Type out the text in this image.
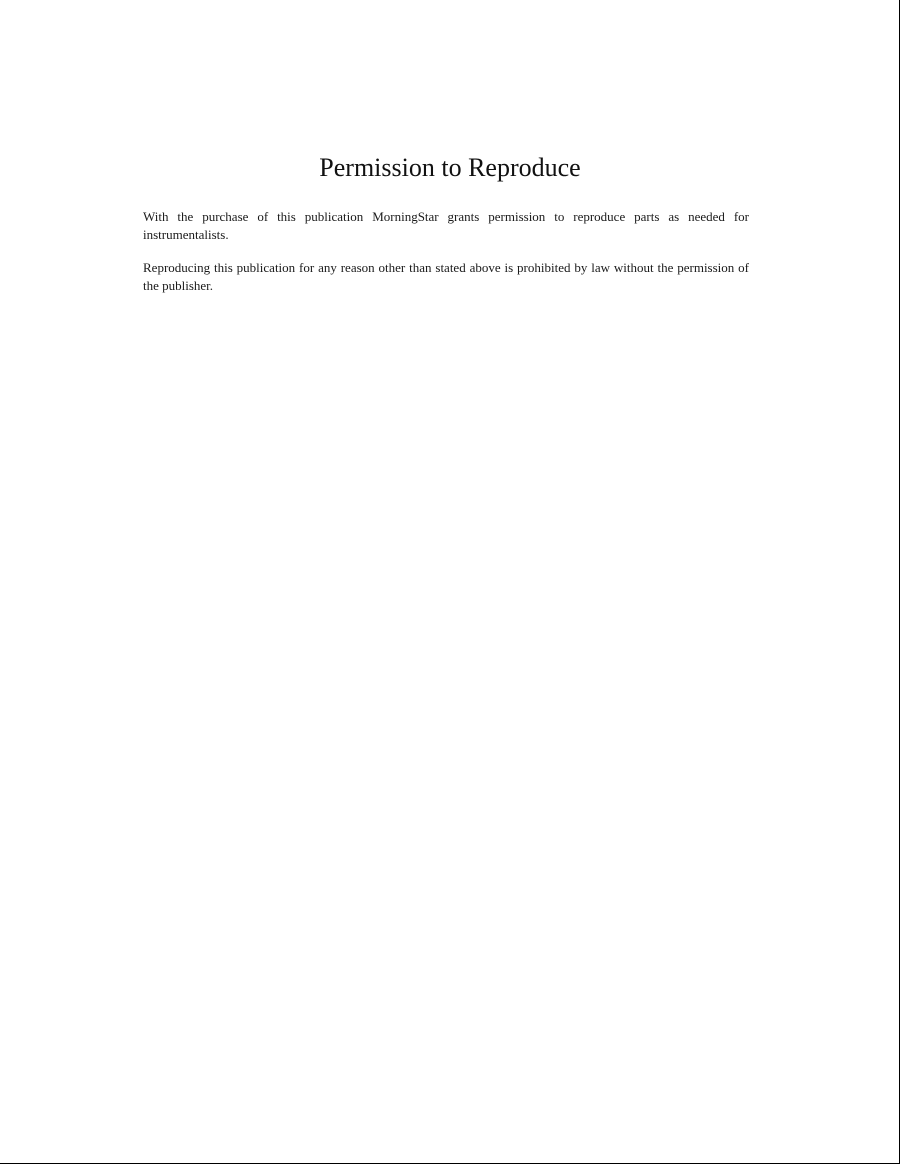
Permission to Reproduce

With the purchase of this publication MorningStar grants permission to reproduce parts as needed for instrumentalists.

Reproducing this publication for any reason other than stated above is prohibited by law without the permission of the publisher.
